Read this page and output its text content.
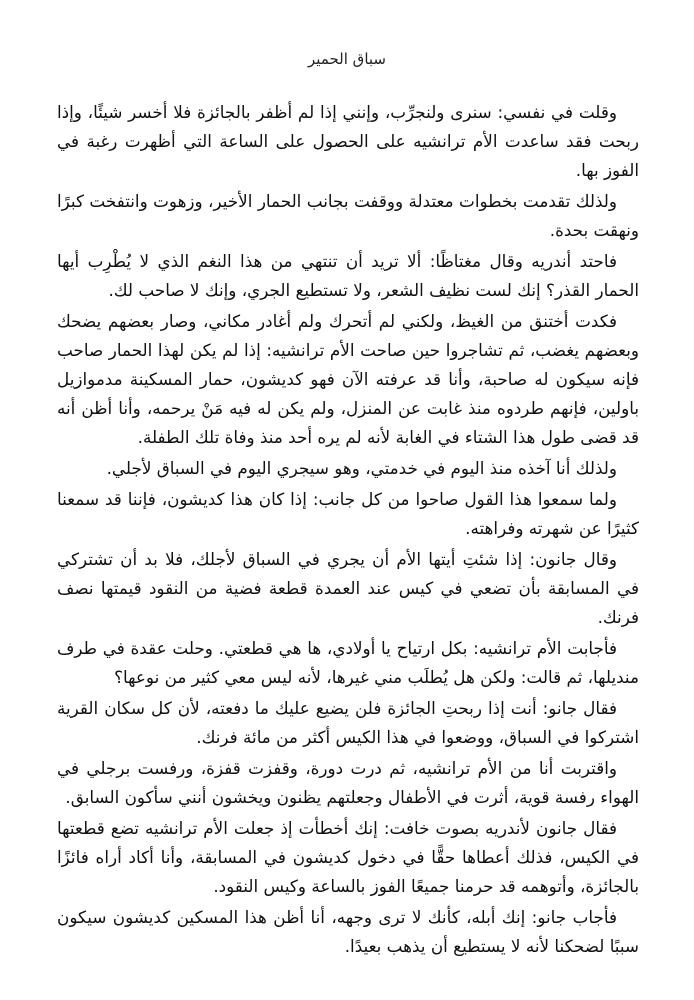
سباق الحمير

وقلت في نفسي: سنرى ولنجرِّب، وإنني إذا لم أظفر بالجائزة فلا أخسر شيئًا، وإذا ربحت فقد ساعدت الأم ترانشيه على الحصول على الساعة التي أظهرت رغبة في الفوز بها.

ولذلك تقدمت بخطوات معتدلة ووقفت بجانب الحمار الأخير، وزهوت وانتفخت كبرًا ونهقت بحدة.

فاحتد أندريه وقال مغتاظًا: ألا تريد أن تنتهي من هذا النغم الذي لا يُطْرِب أيها الحمار القذر؟ إنك لست نظيف الشعر، ولا تستطيع الجري، وإنك لا صاحب لك.

فكدت أختنق من الغيظ، ولكني لم أتحرك ولم أغادر مكاني، وصار بعضهم يضحك وبعضهم يغضب، ثم تشاجروا حين صاحت الأم ترانشيه: إذا لم يكن لهذا الحمار صاحب فإنه سيكون له صاحبة، وأنا قد عرفته الآن فهو كديشون، حمار المسكينة مدموازيل باولين، فإنهم طردوه منذ غابت عن المنزل، ولم يكن له فيه مَنْ يرحمه، وأنا أظن أنه قد قضى طول هذا الشتاء في الغابة لأنه لم يره أحد منذ وفاة تلك الطفلة.

ولذلك أنا آخذه منذ اليوم في خدمتي، وهو سيجري اليوم في السباق لأجلي.

ولما سمعوا هذا القول صاحوا من كل جانب: إذا كان هذا كديشون، فإننا قد سمعنا كثيرًا عن شهرته وفراهته.

وقال جانون: إذا شئتِ أيتها الأم أن يجري في السباق لأجلك، فلا بد أن تشتركي في المسابقة بأن تضعي في كيس عند العمدة قطعة فضية من النقود قيمتها نصف فرنك.

فأجابت الأم ترانشيه: بكل ارتياح يا أولادي، ها هي قطعتي. وحلت عقدة في طرف منديلها، ثم قالت: ولكن هل يُطلَب مني غيرها، لأنه ليس معي كثير من نوعها؟

فقال جانو: أنت إذا ربحتِ الجائزة فلن يضيع عليك ما دفعته، لأن كل سكان القرية اشتركوا في السباق، ووضعوا في هذا الكيس أكثر من مائة فرنك.

واقتربت أنا من الأم ترانشيه، ثم درت دورة، وقفزت قفزة، ورفست برجلي في الهواء رفسة قوية، أثرت في الأطفال وجعلتهم يظنون ويخشون أنني سأكون السابق.

فقال جانون لأندريه بصوت خافت: إنك أخطأت إذ جعلت الأم ترانشيه تضع قطعتها في الكيس، فذلك أعطاها حقًّا في دخول كديشون في المسابقة، وأنا أكاد أراه فائزًا بالجائزة، وأتوهمه قد حرمنا جميعًا الفوز بالساعة وكيس النقود.

فأجاب جانو: إنك أبله، كأنك لا ترى وجهه، أنا أظن هذا المسكين كديشون سيكون سببًا لضحكنا لأنه لا يستطيع أن يذهب بعيدًا.
